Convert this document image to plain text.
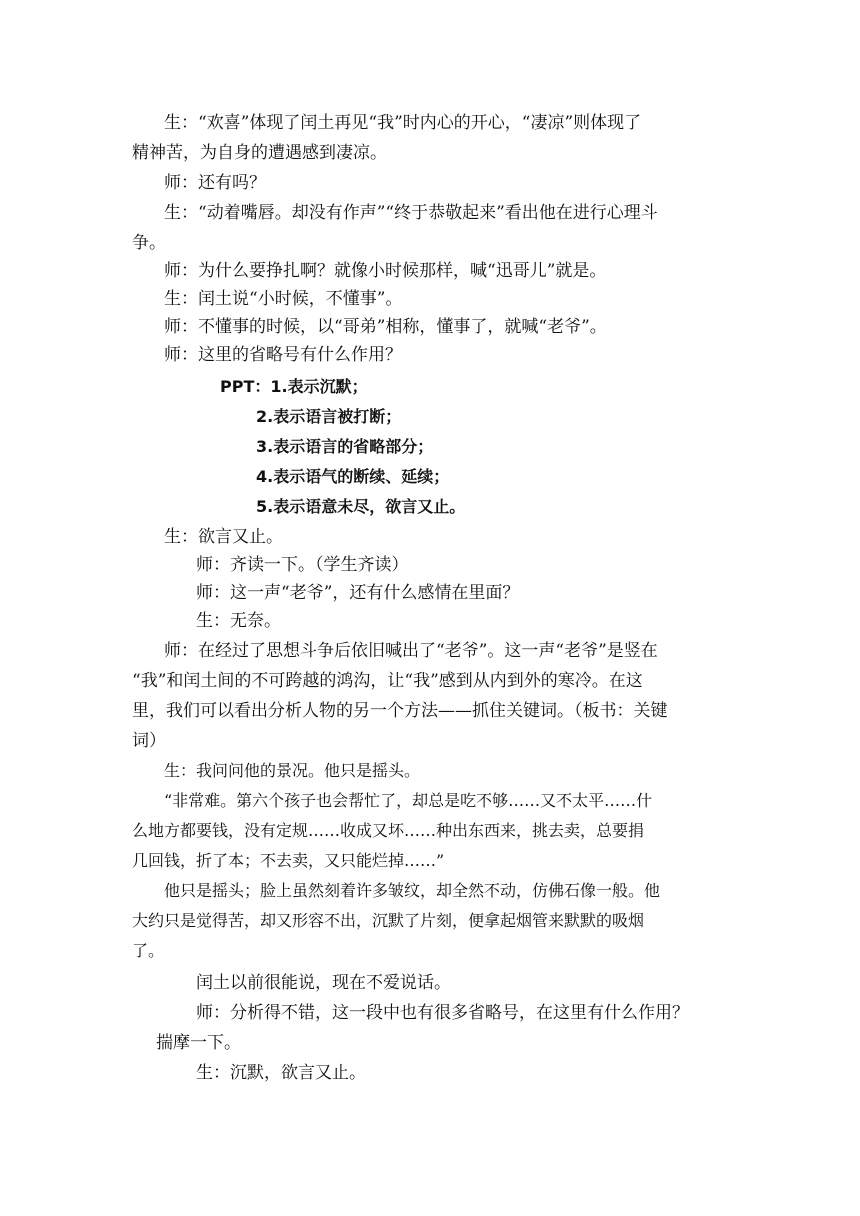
生：“欢喜”体现了闰土再见“我”时内心的开心，“凄凉”则体现了
精神苦，为自身的遭遇感到凄凉。
师：还有吗？
生：“动着嘴唇。却没有作声”“终于恭敬起来”看出他在进行心理斗
争。
师：为什么要挣扎啊？就像小时候那样，喊“迅哥儿”就是。
生：闰土说“小时候，不懂事”。
师：不懂事的时候，以“哥弟”相称，懂事了，就喊“老爷”。
师：这里的省略号有什么作用？
PPT：1.表示沉默；
2.表示语言被打断；
3.表示语言的省略部分；
4.表示语气的断续、延续；
5.表示语意未尽，欲言又止。
生：欲言又止。
师：齐读一下。（学生齐读）
师：这一声“老爷”，还有什么感情在里面？
生：无奈。
师：在经过了思想斗争后依旧喊出了“老爷”。这一声“老爷”是竖在
“我”和闰土间的不可跨越的鸿沟，让“我”感到从内到外的寒冷。在这
里，我们可以看出分析人物的另一个方法——抓住关键词。（板书：关键
词）
生：我问问他的景况。他只是摇头。
“非常难。第六个孩子也会帮忙了，却总是吃不够……又不太平……什
么地方都要钱，没有定规……收成又坏……种出东西来，挑去卖，总要捐
几回钱，折了本；不去卖，又只能烂掉……”
他只是摇头；脸上虽然刻着许多皱纹，却全然不动，仿佛石像一般。他
大约只是觉得苦，却又形容不出，沉默了片刻，便拿起烟管来默默的吸烟
了。
闰土以前很能说，现在不爱说话。
师：分析得不错，这一段中也有很多省略号，在这里有什么作用？
揣摩一下。
生：沉默，欲言又止。
